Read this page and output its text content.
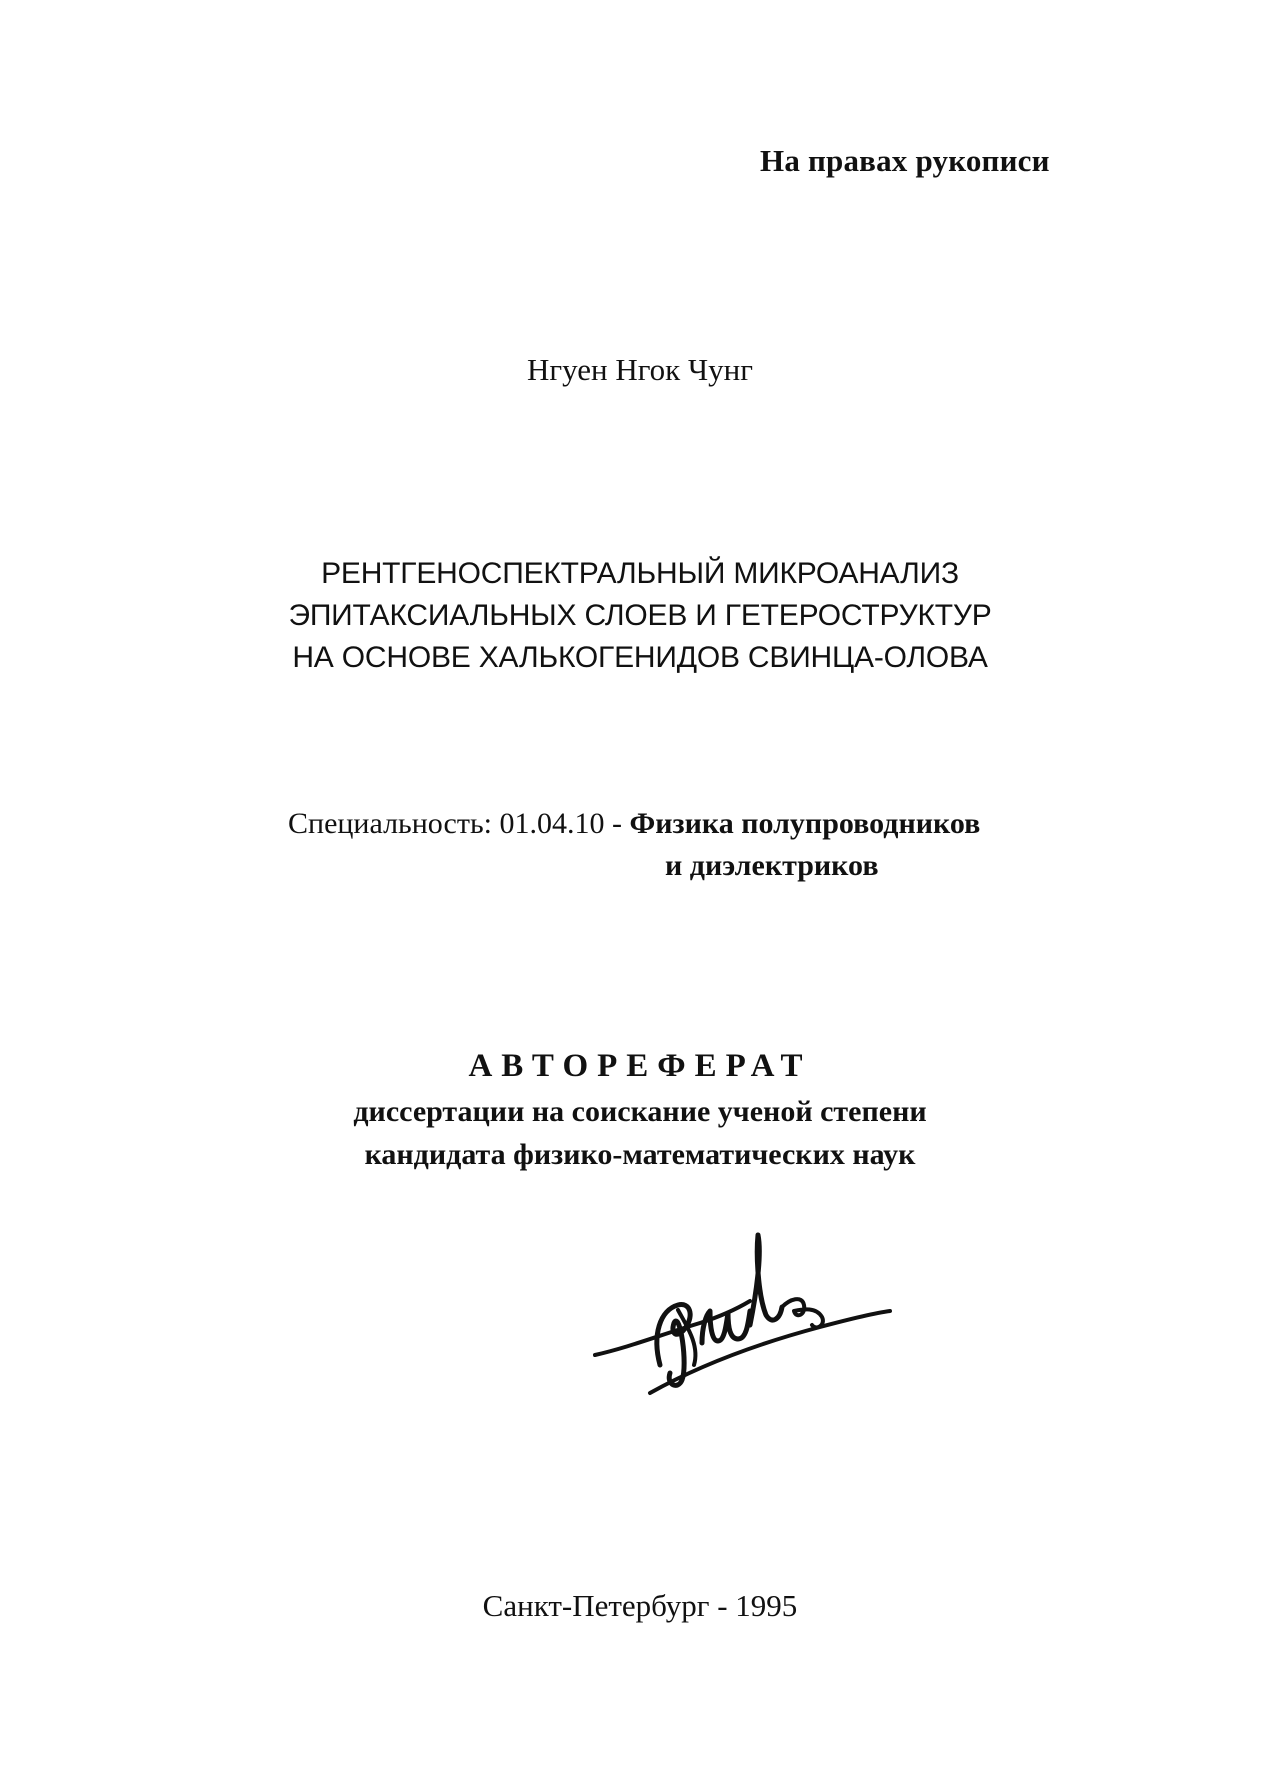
На правах рукописи
Нгуен Нгок Чунг
РЕНТГЕНОСПЕКТРАЛЬНЫЙ МИКРОАНАЛИЗ
ЭПИТАКСИАЛЬНЫХ СЛОЕВ И ГЕТЕРОСТРУКТУР
НА ОСНОВЕ ХАЛЬКОГЕНИДОВ СВИНЦА-ОЛОВА
Специальность: 01.04.10 - Физика полупроводников
и диэлектриков
АВТОРЕФЕРАТ
диссертации на соискание ученой степени
кандидата физико-математических наук
Санкт-Петербург - 1995
